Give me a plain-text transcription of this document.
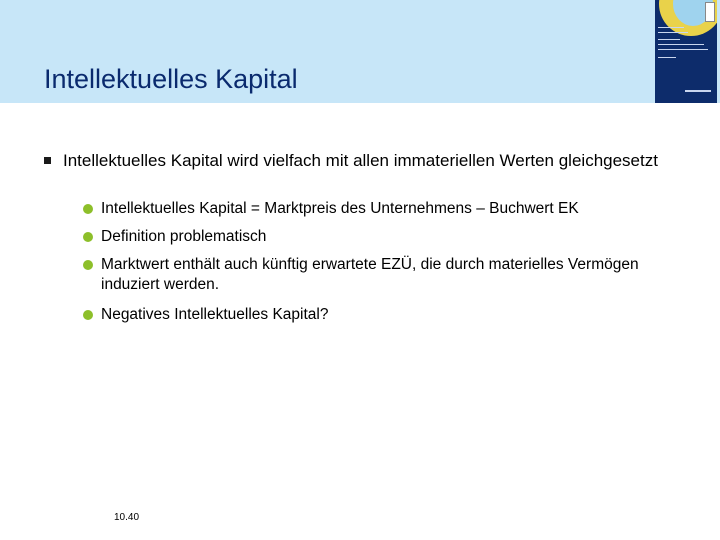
Intellektuelles Kapital
Intellektuelles Kapital wird vielfach mit allen immateriellen Werten gleichgesetzt
Intellektuelles Kapital = Marktpreis des Unternehmens – Buchwert EK
Definition problematisch
Marktwert enthält auch künftig erwartete EZÜ, die durch materielles Vermögen induziert werden.
Negatives Intellektuelles Kapital?
10.40
